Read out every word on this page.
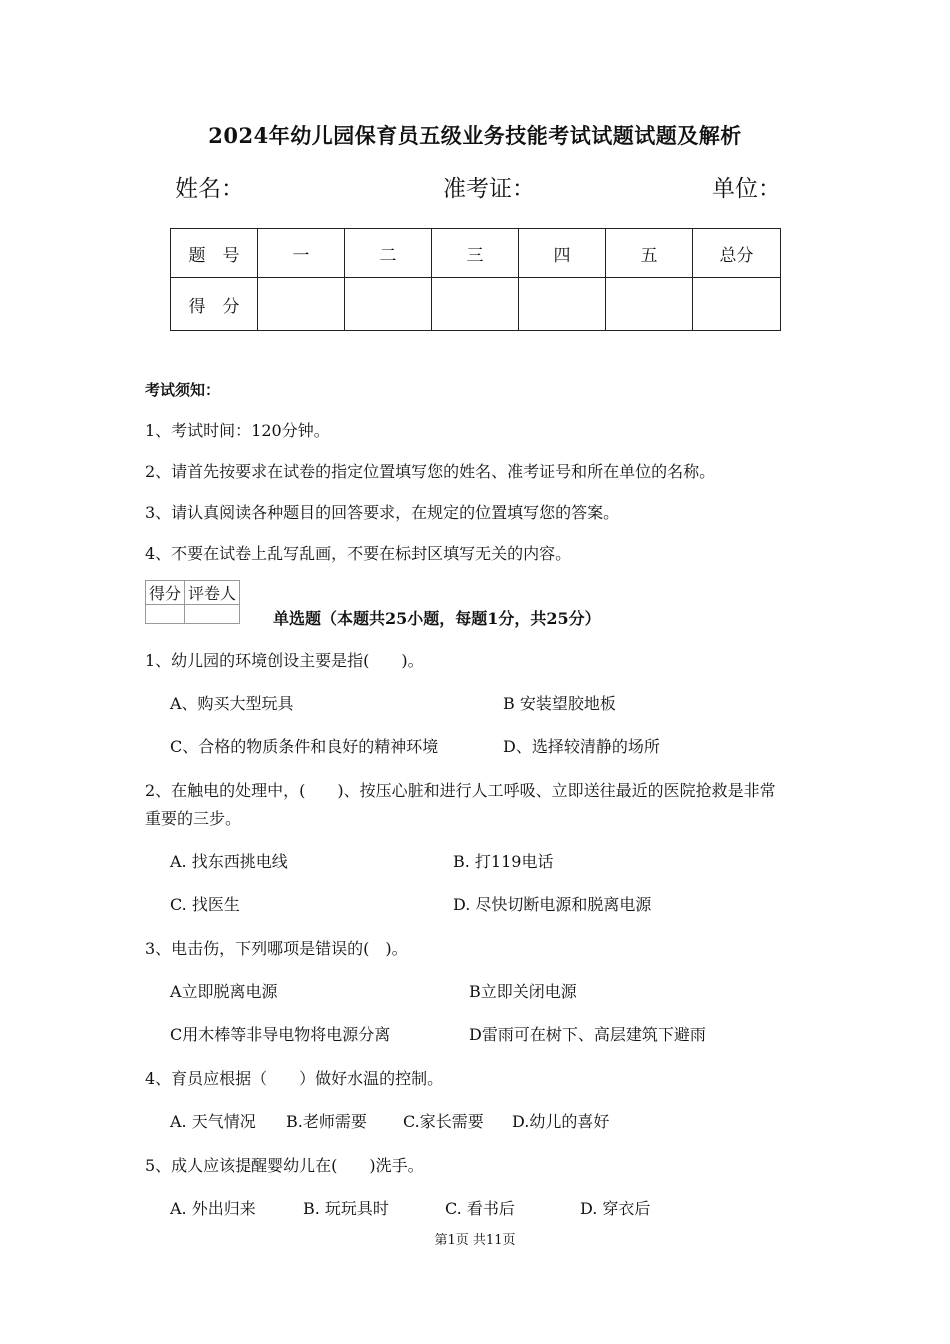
2024年幼儿园保育员五级业务技能考试试题试题及解析
姓名：	准考证：	单位：
题　号	一	二	三	四	五	总分
得　分						
考试须知：
1、考试时间：120分钟。
2、请首先按要求在试卷的指定位置填写您的姓名、准考证号和所在单位的名称。
3、请认真阅读各种题目的回答要求，在规定的位置填写您的答案。
4、不要在试卷上乱写乱画，不要在标封区填写无关的内容。
得分	评卷人

单选题（本题共25小题，每题1分，共25分）
1、幼儿园的环境创设主要是指(　　)。
A、购买大型玩具	B 安装望胶地板
C、合格的物质条件和良好的精神环境	D、选择较清静的场所
2、在触电的处理中，(　　)、按压心脏和进行人工呼吸、立即送往最近的医院抢救是非常
重要的三步。
A. 找东西挑电线	B. 打119电话
C. 找医生	D. 尽快切断电源和脱离电源
3、电击伤，下列哪项是错误的(　)。
A立即脱离电源	B立即关闭电源
C用木棒等非导电物将电源分离	D雷雨可在树下、高层建筑下避雨
4、育员应根据（　　）做好水温的控制。
A. 天气情况 B.老师需要 C.家长需要 D.幼儿的喜好
5、成人应该提醒婴幼儿在(　　)洗手。
A. 外出归来	B. 玩玩具时	C. 看书后	D. 穿衣后
第1页 共11页
